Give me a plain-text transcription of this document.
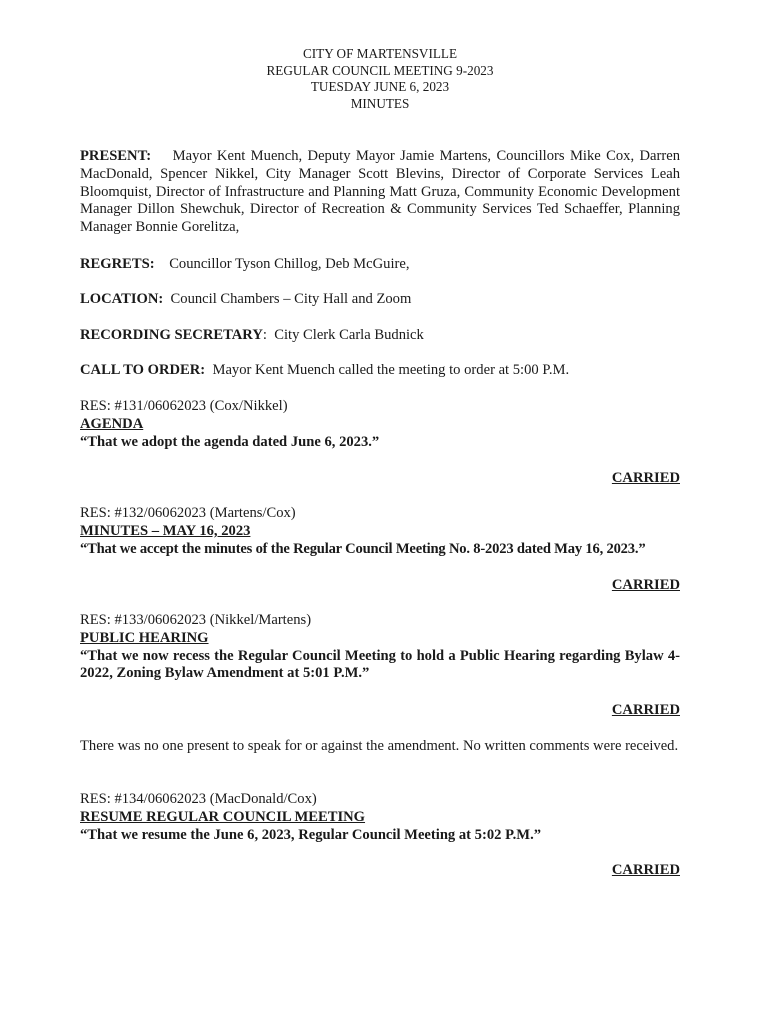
CITY OF MARTENSVILLE
REGULAR COUNCIL MEETING 9-2023
TUESDAY JUNE 6, 2023
MINUTES

PRESENT: Mayor Kent Muench, Deputy Mayor Jamie Martens, Councillors Mike Cox, Darren MacDonald, Spencer Nikkel, City Manager Scott Blevins, Director of Corporate Services Leah Bloomquist, Director of Infrastructure and Planning Matt Gruza, Community Economic Development Manager Dillon Shewchuk, Director of Recreation & Community Services Ted Schaeffer, Planning Manager Bonnie Gorelitza,

REGRETS: Councillor Tyson Chillog, Deb McGuire,

LOCATION: Council Chambers – City Hall and Zoom

RECORDING SECRETARY: City Clerk Carla Budnick

CALL TO ORDER: Mayor Kent Muench called the meeting to order at 5:00 P.M.

RES: #131/06062023 (Cox/Nikkel)

AGENDA

“That we adopt the agenda dated June 6, 2023.”

CARRIED

RES: #132/06062023 (Martens/Cox)

MINUTES – MAY 16, 2023

“That we accept the minutes of the Regular Council Meeting No. 8-2023 dated May 16, 2023.”

CARRIED

RES: #133/06062023 (Nikkel/Martens)

PUBLIC HEARING

“That we now recess the Regular Council Meeting to hold a Public Hearing regarding Bylaw 4-2022, Zoning Bylaw Amendment at 5:01 P.M.”

CARRIED

There was no one present to speak for or against the amendment. No written comments were received.

RES: #134/06062023 (MacDonald/Cox)

RESUME REGULAR COUNCIL MEETING

“That we resume the June 6, 2023, Regular Council Meeting at 5:02 P.M.”

CARRIED
